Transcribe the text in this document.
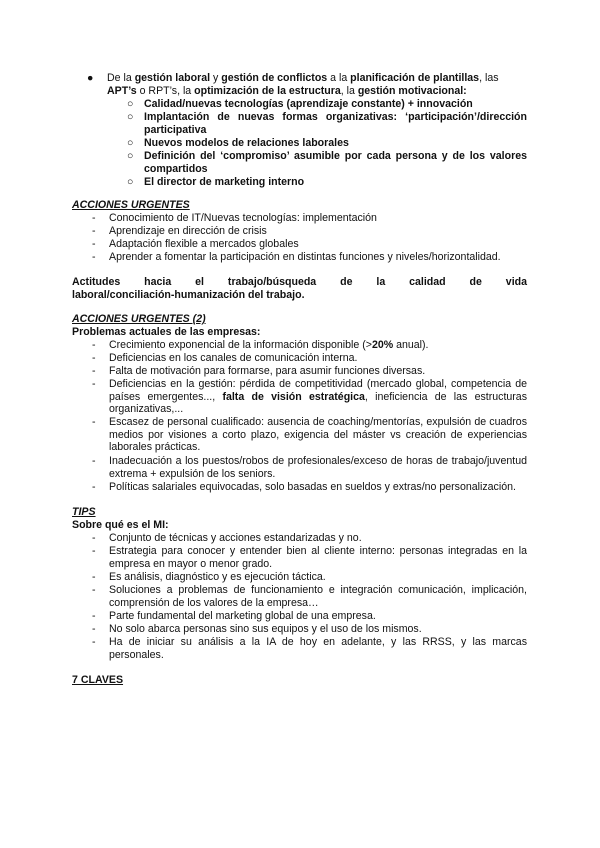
● De la gestión laboral y gestión de conflictos a la planificación de plantillas, las
APT’s o RPT’s, la optimización de la estructura, la gestión motivacional:
○ Calidad/nuevas tecnologías (aprendizaje constante) + innovación
○ Implantación de nuevas formas organizativas: ‘participación’/dirección participativa
○ Nuevos modelos de relaciones laborales
○ Definición del ‘compromiso’ asumible por cada persona y de los valores compartidos
○ El director de marketing interno
ACCIONES URGENTES
- Conocimiento de IT/Nuevas tecnologías: implementación
- Aprendizaje en dirección de crisis
- Adaptación flexible a mercados globales
- Aprender a fomentar la participación en distintas funciones y niveles/horizontalidad.
Actitudes hacia el trabajo/búsqueda de la calidad de vida
laboral/conciliación-humanización del trabajo.
ACCIONES URGENTES (2)
Problemas actuales de las empresas:
- Crecimiento exponencial de la información disponible (>20% anual).
- Deficiencias en los canales de comunicación interna.
- Falta de motivación para formarse, para asumir funciones diversas.
- Deficiencias en la gestión: pérdida de competitividad (mercado global, competencia de países emergentes..., falta de visión estratégica, ineficiencia de las estructuras organizativas,...
- Escasez de personal cualificado: ausencia de coaching/mentorías, expulsión de cuadros medios por visiones a corto plazo, exigencia del máster vs creación de experiencias laborales prácticas.
- Inadecuación a los puestos/robos de profesionales/exceso de horas de trabajo/juventud extrema + expulsión de los seniors.
- Políticas salariales equivocadas, solo basadas en sueldos y extras/no personalización.
TIPS
Sobre qué es el MI:
- Conjunto de técnicas y acciones estandarizadas y no.
- Estrategia para conocer y entender bien al cliente interno: personas integradas en la empresa en mayor o menor grado.
- Es análisis, diagnóstico y es ejecución táctica.
- Soluciones a problemas de funcionamiento e integración comunicación, implicación, comprensión de los valores de la empresa…
- Parte fundamental del marketing global de una empresa.
- No solo abarca personas sino sus equipos y el uso de los mismos.
- Ha de iniciar su análisis a la IA de hoy en adelante, y las RRSS, y las marcas personales.
7 CLAVES
